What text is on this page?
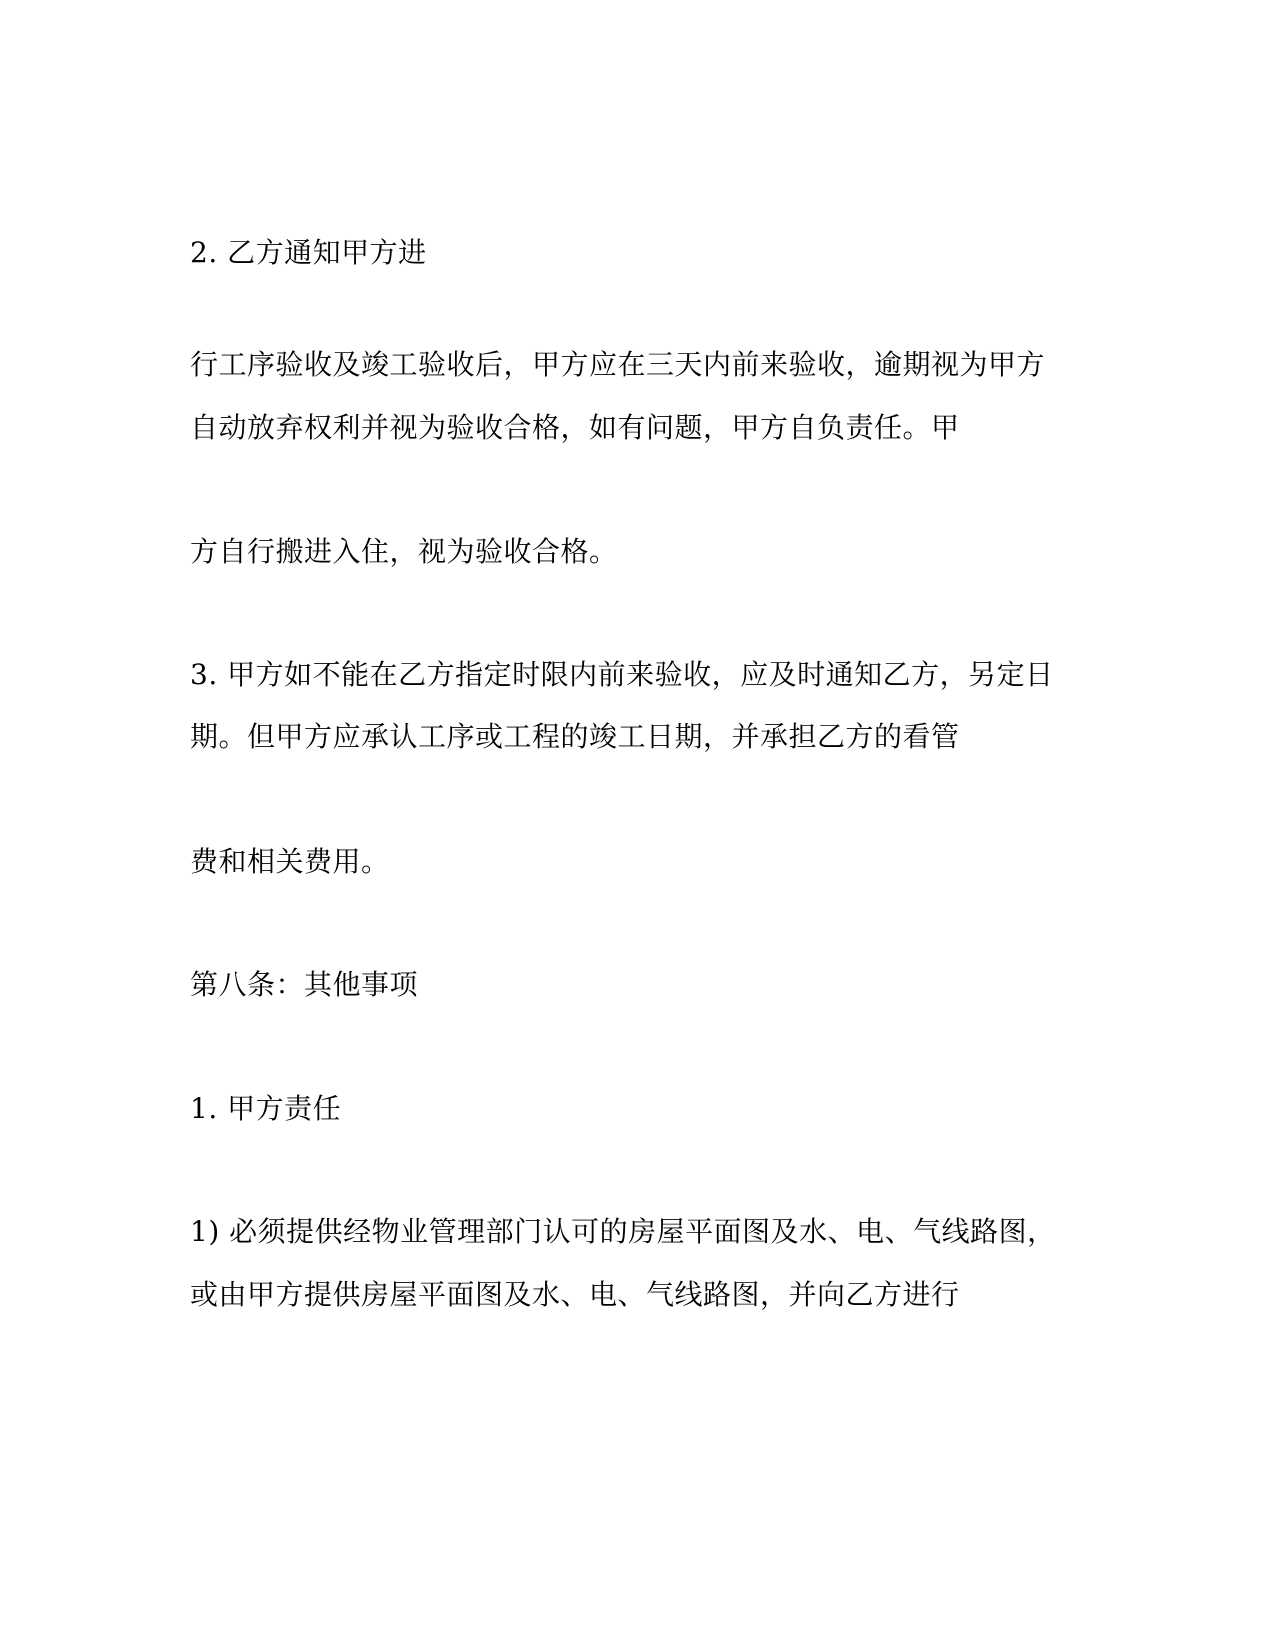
2. 乙方通知甲方进
行工序验收及竣工验收后，甲方应在三天内前来验收，逾期视为甲方
自动放弃权利并视为验收合格，如有问题，甲方自负责任。甲
方自行搬进入住，视为验收合格。
3. 甲方如不能在乙方指定时限内前来验收，应及时通知乙方，另定日
期。但甲方应承认工序或工程的竣工日期，并承担乙方的看管
费和相关费用。
第八条：其他事项
1. 甲方责任
1) 必须提供经物业管理部门认可的房屋平面图及水、电、气线路图，
或由甲方提供房屋平面图及水、电、气线路图，并向乙方进行
